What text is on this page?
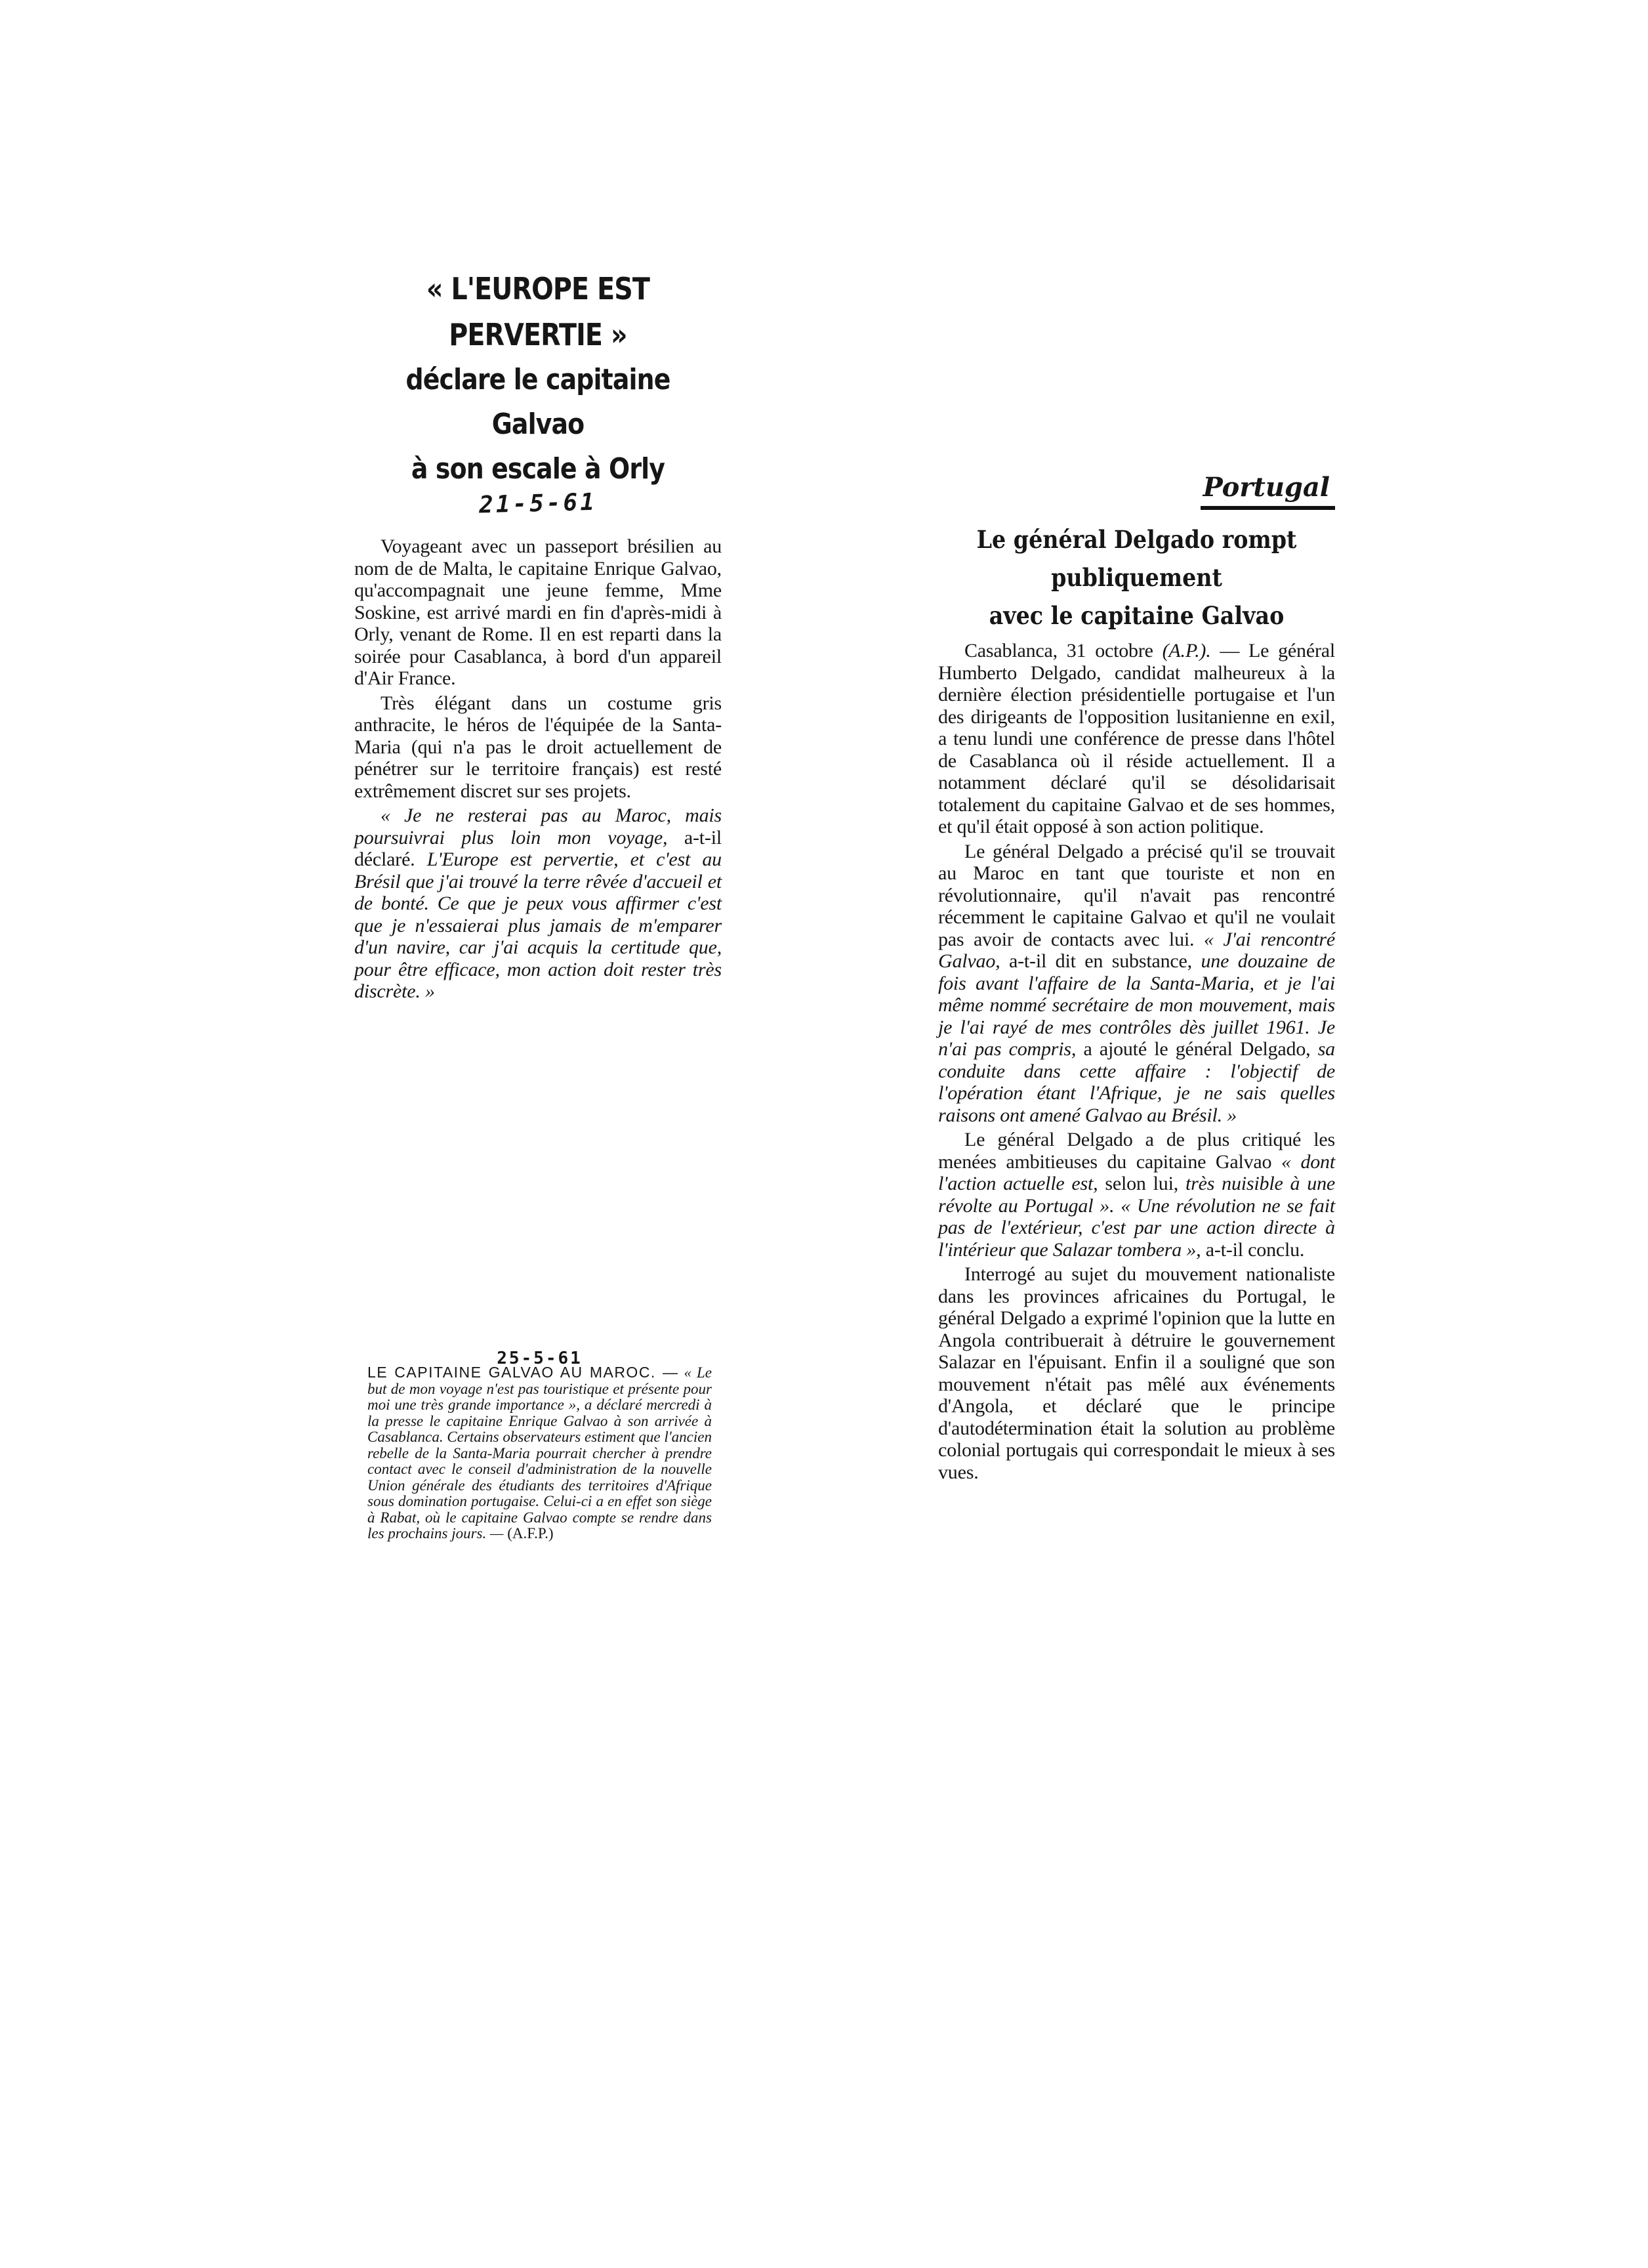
« L'EUROPE EST PERVERTIE »
déclare le capitaine Galvao
à son escale à Orly
21-5-61

Voyageant avec un passeport brésilien au nom de de Malta, le capitaine Enrique Galvao, qu'accompagnait une jeune femme, Mme Soskine, est arrivé mardi en fin d'après-midi à Orly, venant de Rome. Il en est reparti dans la soirée pour Casablanca, à bord d'un appareil d'Air France.

Très élégant dans un costume gris anthracite, le héros de l'équipée de la Santa-Maria (qui n'a pas le droit actuellement de pénétrer sur le territoire français) est resté extrêmement discret sur ses projets.

« Je ne resterai pas au Maroc, mais poursuivrai plus loin mon voyage, a-t-il déclaré. L'Europe est pervertie, et c'est au Brésil que j'ai trouvé la terre rêvée d'accueil et de bonté. Ce que je peux vous affirmer c'est que je n'essaierai plus jamais de m'emparer d'un navire, car j'ai acquis la certitude que, pour être efficace, mon action doit rester très discrète. »

25-5-61
LE CAPITAINE GALVAO AU MAROC. — « Le but de mon voyage n'est pas touristique et présente pour moi une très grande importance », a déclaré mercredi à la presse le capitaine Enrique Galvao à son arrivée à Casablanca. Certains observateurs estiment que l'ancien rebelle de la Santa-Maria pourrait chercher à prendre contact avec le conseil d'administration de la nouvelle Union générale des étudiants des territoires d'Afrique sous domination portugaise. Celui-ci a en effet son siège à Rabat, où le capitaine Galvao compte se rendre dans les prochains jours. — (A.F.P.)
Portugal
Le général Delgado rompt
publiquement
avec le capitaine Galvao

Casablanca, 31 octobre (A.P.). — Le général Humberto Delgado, candidat malheureux à la dernière élection présidentielle portugaise et l'un des dirigeants de l'opposition lusitanienne en exil, a tenu lundi une conférence de presse dans l'hôtel de Casablanca où il réside actuellement. Il a notamment déclaré qu'il se désolidarisait totalement du capitaine Galvao et de ses hommes, et qu'il était opposé à son action politique.

Le général Delgado a précisé qu'il se trouvait au Maroc en tant que touriste et non en révolutionnaire, qu'il n'avait pas rencontré récemment le capitaine Galvao et qu'il ne voulait pas avoir de contacts avec lui. « J'ai rencontré Galvao, a-t-il dit en substance, une douzaine de fois avant l'affaire de la Santa-Maria, et je l'ai même nommé secrétaire de mon mouvement, mais je l'ai rayé de mes contrôles dès juillet 1961. Je n'ai pas compris, a ajouté le général Delgado, sa conduite dans cette affaire : l'objectif de l'opération étant l'Afrique, je ne sais quelles raisons ont amené Galvao au Brésil. »

Le général Delgado a de plus critiqué les menées ambitieuses du capitaine Galvao « dont l'action actuelle est, selon lui, très nuisible à une révolte au Portugal ». « Une révolution ne se fait pas de l'extérieur, c'est par une action directe à l'intérieur que Salazar tombera », a-t-il conclu.

Interrogé au sujet du mouvement nationaliste dans les provinces africaines du Portugal, le général Delgado a exprimé l'opinion que la lutte en Angola contribuerait à détruire le gouvernement Salazar en l'épuisant. Enfin il a souligné que son mouvement n'était pas mêlé aux événements d'Angola, et déclaré que le principe d'autodétermination était la solution au problème colonial portugais qui correspondait le mieux à ses vues.
